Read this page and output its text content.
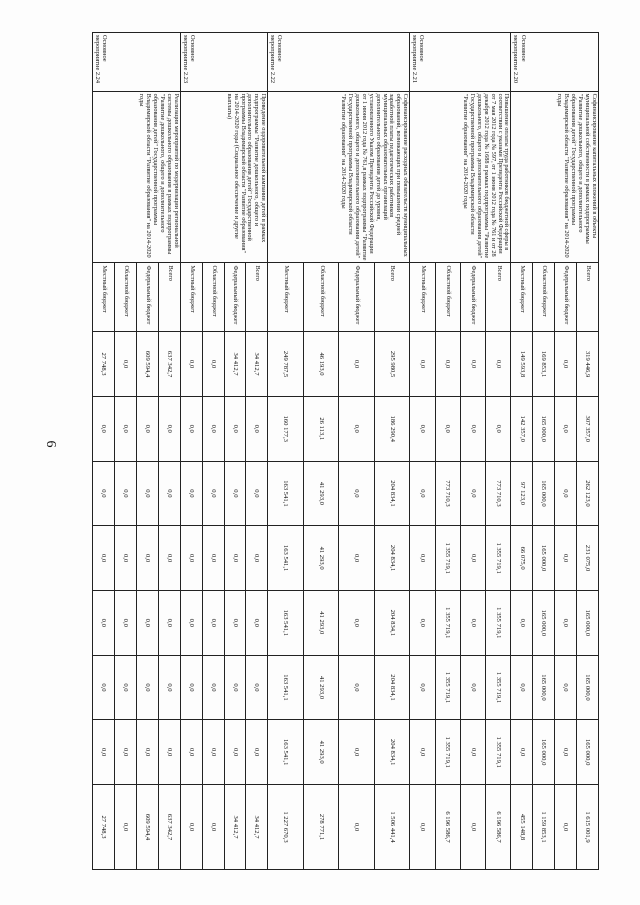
6
Основное мероприятие 2.20	Софинансирование капитальных вложений в объекты муниципальной собственности в рамках подпрограммы "Развитие дошкольного, общего и дополнительного образования детей" Государственной программы Владимирской области "Развитие образования" на 2014-2020 годы	Всего	319 446,9	307 357,0	262 123,0	231 075,0	165 000,0	165 000,0	165 000,0	1 615 001,9
		Федеральный бюджет	0,0	0,0	0,0	0,0	0,0	0,0	0,0	0,0
		Областной бюджет	169 853,1	165 000,0	165 000,0	165 000,0	165 000,0	165 000,0	165 000,0	1 159 853,1
		Местный бюджет	149 593,8	142 357,0	97 123,0	66 075,0	0,0	0,0	0,0	455 148,8
Основное мероприятие 2.21	Повышение оплаты труда работников бюджетной сферы в соответствии с указами Президента Российской Федерации от 7 мая 2012 года № 597, от 1 июня 2012 года № 761 и от 28 декабря 2012 года № 1688 в рамках подпрограммы "Развитие дошкольного, общего и дополнительного образования детей" Государственной программы Владимирской области "Развитие образования" на 2014-2020 годы	Всего	0,0	0,0	773 710,3	1 355 719,1	1 355 719,1	1 355 719,1	1 355 719,1	6 196 586,7
		Федеральный бюджет	0,0	0,0	0,0	0,0	0,0	0,0	0,0	0,0
		Областной бюджет	0,0	0,0	773 710,3	1 355 719,1	1 355 719,1	1 355 719,1	1 355 719,1	6 196 586,7
		Местный бюджет	0,0	0,0	0,0	0,0	0,0	0,0	0,0	0,0
Основное мероприятие 2.22	Софинансирование расходных обязательств муниципальных образований, возникающих при повышении средней заработной платы педагогических работников муниципальных образовательных организаций дополнительного образования детей до уровня, установленного Указом Президента Российской Федерации от 1 июня 2012 года № 761,в рамках подпрограммы "Развитие дошкольного, общего и дополнительного образования детей" Государственной программы Владимирской области "Развитие образования" на 2014-2020 годы	Всего	295 980,5	186 290,4	204 834,1	204 834,1	204 834,1	204 834,1	204 834,1	1 506 441,4
		Федеральный бюджет	0,0	0,0	0,0	0,0	0,0	0,0	0,0	0,0
		Областной бюджет	46 193,0	26 113,1	41 293,0	41 293,0	41 293,0	41 293,0	41 293,0	278 771,1
		Местный бюджет	249 787,5	160 177,3	163 541,1	163 541,1	163 541,1	163 541,1	163 541,1	1 227 670,3
Основное мероприятие 2.23	Проведение оздоровительной кампании детей в рамках подпрограммы "Развитие дошкольного, общего и дополнительного образования детей" Государственной программы Владимирской области "Развитие образования" на 2014-2020 годы (Социальное обеспечение и другие выплаты)	Всего	34 412,7	0,0	0,0	0,0	0,0	0,0	0,0	34 412,7
		Федеральный бюджет	34 412,7	0,0	0,0	0,0	0,0	0,0	0,0	34 412,7
		Областной бюджет	0,0	0,0	0,0	0,0	0,0	0,0	0,0	0,0
		Местный бюджет	0,0	0,0	0,0	0,0	0,0	0,0	0,0	0,0
Основное мероприятие 2.24	Реализация мероприятий по модернизации региональной системы дошкольного образования в рамках подпрограммы "Развитие дошкольного, общего и дополнительного образования детей" Государственной программы Владимирской области "Развитие образования" на 2014-2020 годы	Всего	637 342,7	0,0	0,0	0,0	0,0	0,0	0,0	637 342,7
		Федеральный бюджет	609 594,4	0,0	0,0	0,0	0,0	0,0	0,0	609 594,4
		Областной бюджет	0,0	0,0	0,0	0,0	0,0	0,0	0,0	0,0
		Местный бюджет	27 748,3	0,0	0,0	0,0	0,0	0,0	0,0	27 748,3
